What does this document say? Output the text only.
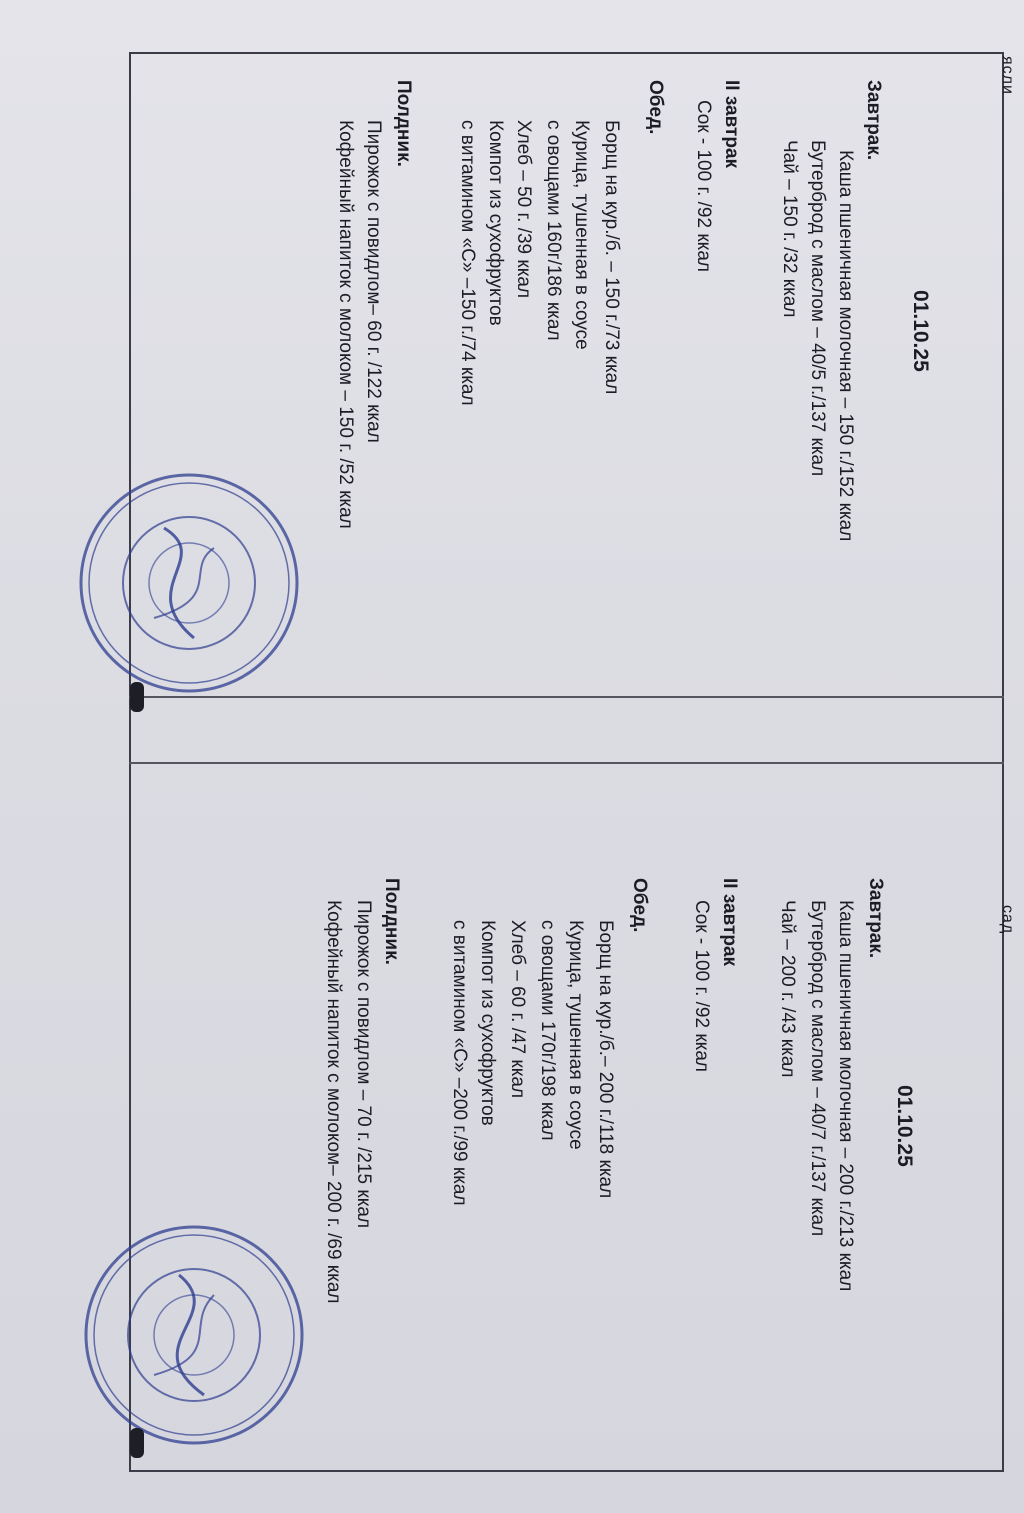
ясли
01.10.25
Завтрак.
Каша пшеничная молочная – 150 г./152 ккал
Бутерброд с маслом – 40/5 г./137 ккал
Чай – 150 г. /32 ккал
II завтрак
Сок - 100 г. /92 ккал
Обед.
Борщ на кур./б. – 150 г./73 ккал
Курица, тушенная в соусе
с овощами 160г/186 ккал
Хлеб – 50 г. /39 ккал
Компот из сухофруктов
с витамином «С» –150 г./74 ккал
Полдник.
Пирожок с повидлом– 60 г. /122 ккал
Кофейный напиток с молоком – 150 г. /52 ккал
сад
01.10.25
Завтрак.
Каша пшеничная молочная – 200 г./213 ккал
Бутерброд с маслом – 40/7 г./137 ккал
Чай – 200 г. /43 ккал
II завтрак
Сок - 100 г. /92 ккал
Обед.
Борщ на кур./б.– 200 г./118 ккал
Курица, тушенная в соусе
с овощами 170г/198 ккал
Хлеб – 60 г. /47 ккал
Компот из сухофруктов
с витамином «С» –200 г./99 ккал
Полдник.
Пирожок с повидлом – 70 г. /215 ккал
Кофейный напиток с молоком– 200 г. /69 ккал
